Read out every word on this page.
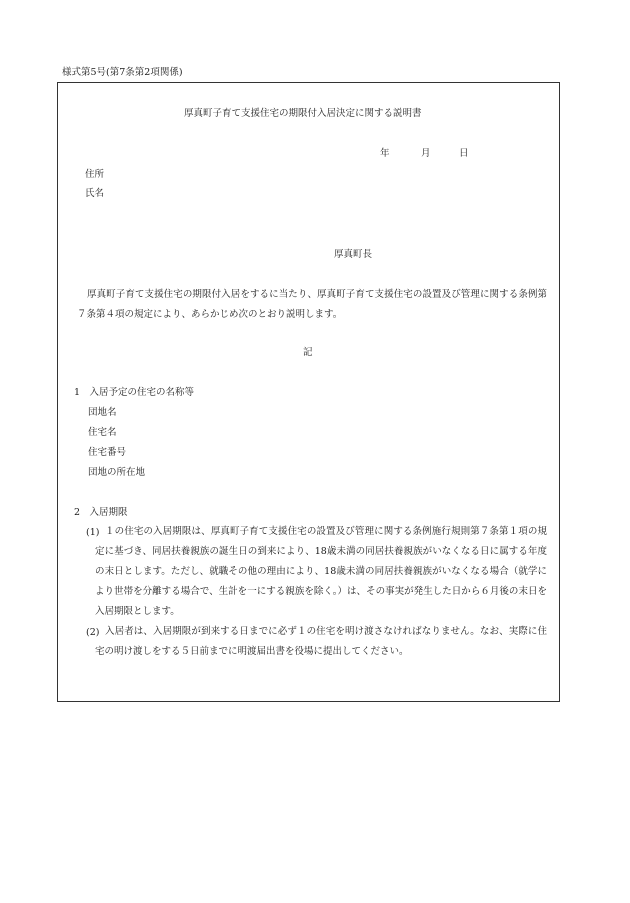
様式第5号(第7条第2項関係)
厚真町子育て支援住宅の期限付入居決定に関する説明書
年	月	日
住所
氏名
厚真町長
厚真町子育て支援住宅の期限付入居をするに当たり、厚真町子育て支援住宅の設置及び管理に関する条例第７条第４項の規定により、あらかじめ次のとおり説明します。
記
1　入居予定の住宅の名称等
団地名
住宅名
住宅番号
団地の所在地
2　入居期限
(1) １の住宅の入居期限は、厚真町子育て支援住宅の設置及び管理に関する条例施行規則第７条第１項の規定に基づき、同居扶養親族の誕生日の到来により、18歳未満の同居扶養親族がいなくなる日に属する年度の末日とします。ただし、就職その他の理由により、18歳未満の同居扶養親族がいなくなる場合（就学により世帯を分離する場合で、生計を一にする親族を除く。）は、その事実が発生した日から６月後の末日を入居期限とします。
(2) 入居者は、入居期限が到来する日までに必ず１の住宅を明け渡さなければなりません。なお、実際に住宅の明け渡しをする５日前までに明渡届出書を役場に提出してください。
